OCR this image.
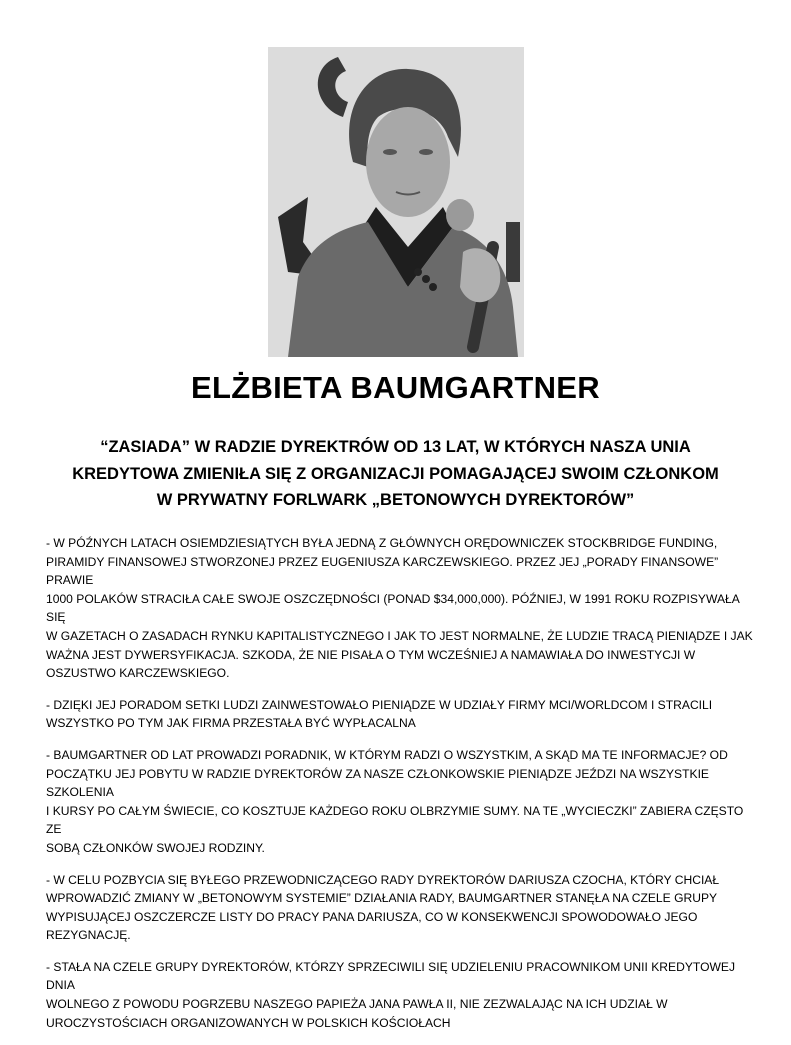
ELŻBIETA BAUMGARTNER
“ZASIADA” W RADZIE DYREKTRÓW OD 13 LAT, W KTÓRYCH NASZA UNIA
KREDYTOWA ZMIENIŁA SIĘ Z ORGANIZACJI POMAGAJĄCEJ SWOIM CZŁONKOM
W PRYWATNY FORLWARK „BETONOWYCH DYREKTORÓW”

- W PÓŹNYCH LATACH OSIEMDZIESIĄTYCH BYŁA JEDNĄ Z GŁÓWNYCH ORĘDOWNICZEK STOCKBRIDGE FUNDING,
PIRAMIDY FINANSOWEJ STWORZONEJ PRZEZ EUGENIUSZA KARCZEWSKIEGO. PRZEZ JEJ „PORADY FINANSOWE” PRAWIE
1000 POLAKÓW STRACIŁA CAŁE SWOJE OSZCZĘDNOŚCI (PONAD $34,000,000). PÓŹNIEJ, W 1991 ROKU ROZPISYWAŁA SIĘ
W GAZETACH O ZASADACH RYNKU KAPITALISTYCZNEGO I JAK TO JEST NORMALNE, ŻE LUDZIE TRACĄ PIENIĄDZE I JAK
WAŻNA JEST DYWERSYFIKACJA. SZKODA, ŻE NIE PISAŁA O TYM WCZEŚNIEJ A NAMAWIAŁA DO INWESTYCJI W
OSZUSTWO KARCZEWSKIEGO.

- DZIĘKI JEJ PORADOM SETKI LUDZI ZAINWESTOWAŁO PIENIĄDZE W UDZIAŁY FIRMY MCI/WORLDCOM I STRACILI
WSZYSTKO PO TYM JAK FIRMA PRZESTAŁA BYĆ WYPŁACALNA

- BAUMGARTNER OD LAT PROWADZI PORADNIK, W KTÓRYM RADZI O WSZYSTKIM, A SKĄD MA TE INFORMACJE? OD
POCZĄTKU JEJ POBYTU W RADZIE DYREKTORÓW ZA NASZE CZŁONKOWSKIE PIENIĄDZE JEŹDZI NA WSZYSTKIE SZKOLENIA
I KURSY PO CAŁYM ŚWIECIE, CO KOSZTUJE KAŻDEGO ROKU OLBRZYMIE SUMY. NA TE „WYCIECZKI” ZABIERA CZĘSTO ZE
SOBĄ CZŁONKÓW SWOJEJ RODZINY.

- W CELU POZBYCIA SIĘ BYŁEGO PRZEWODNICZĄCEGO RADY DYREKTORÓW DARIUSZA CZOCHA, KTÓRY CHCIAŁ
WPROWADZIĆ ZMIANY W „BETONOWYM SYSTEMIE” DZIAŁANIA RADY, BAUMGARTNER STANĘŁA NA CZELE GRUPY
WYPISUJĄCEJ OSZCZERCZE LISTY DO PRACY PANA DARIUSZA, CO W KONSEKWENCJI SPOWODOWAŁO JEGO
REZYGNACJĘ.

- STAŁA NA CZELE GRUPY DYREKTORÓW, KTÓRZY SPRZECIWILI SIĘ UDZIELENIU PRACOWNIKOM UNII KREDYTOWEJ DNIA
WOLNEGO Z POWODU POGRZEBU NASZEGO PAPIEŻA JANA PAWŁA II, NIE ZEZWALAJĄC NA ICH UDZIAŁ W
UROCZYSTOŚCIACH ORGANIZOWANYCH W POLSKICH KOŚCIOŁACH
